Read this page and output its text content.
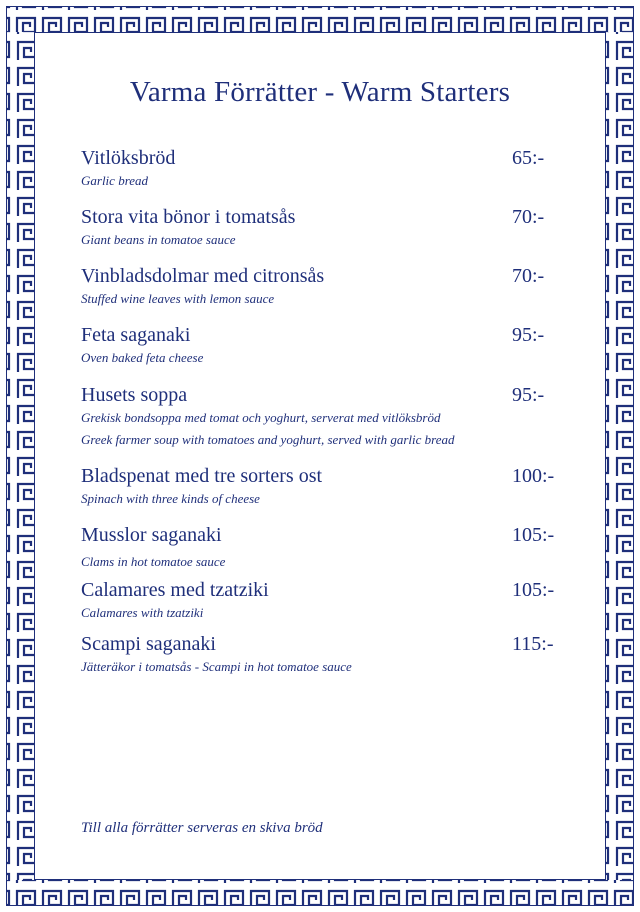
Varma Förrätter - Warm Starters
Vitlöksbröd
Garlic bread
65:-
Stora vita bönor i tomatsås
Giant beans in tomatoe sauce
70:-
Vinbladsdolmar med citronsås
Stuffed wine leaves with lemon sauce
70:-
Feta saganaki
Oven baked feta cheese
95:-
Husets soppa
Grekisk bondsoppa med tomat och yoghurt, serverat med vitlöksbröd
Greek farmer soup with tomatoes and yoghurt, served with garlic bread
95:-
Bladspenat med tre sorters ost
Spinach with three kinds of cheese
100:-
Musslor saganaki
Clams in hot tomatoe sauce
105:-
Calamares med tzatziki
Calamares with tzatziki
105:-
Scampi saganaki
Jätteräkor i tomatsås - Scampi in hot tomatoe sauce
115:-
Till alla förrätter serveras en skiva bröd
